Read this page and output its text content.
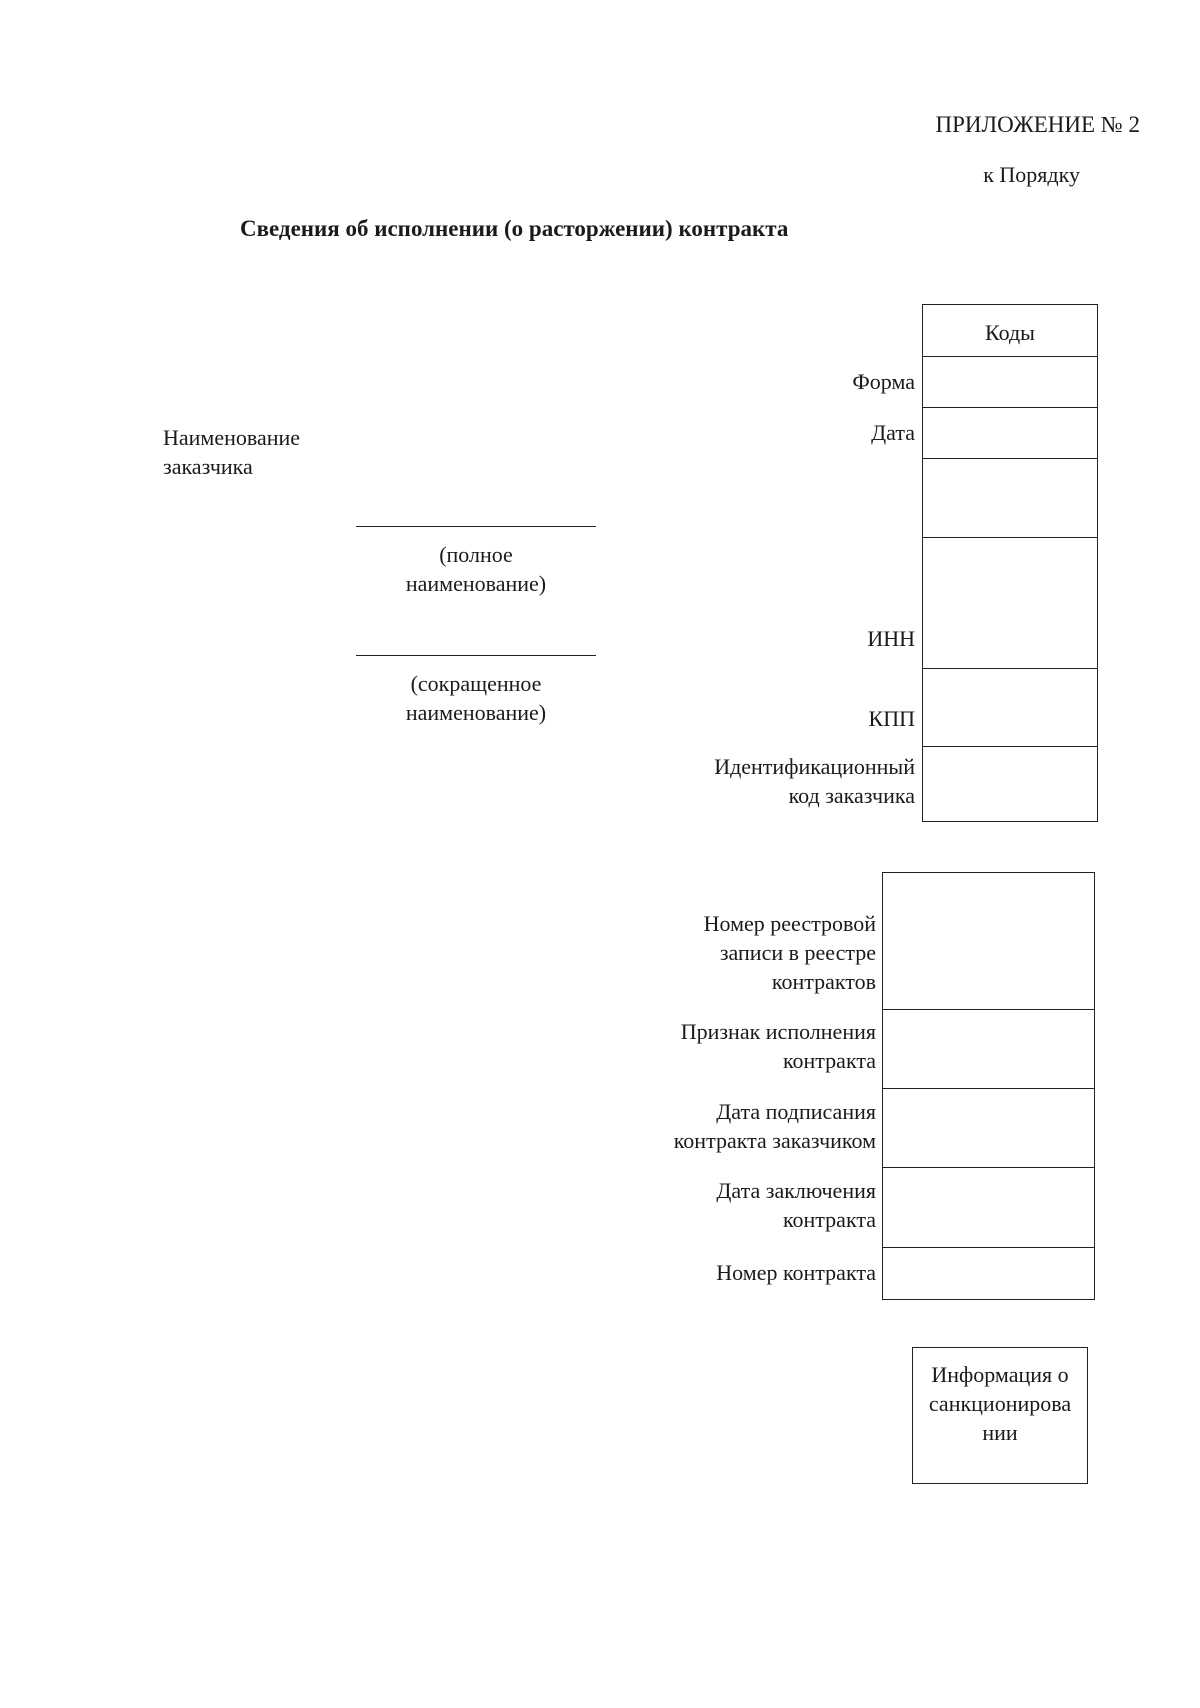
ПРИЛОЖЕНИЕ № 2
к Порядку
Сведения об исполнении (о расторжении) контракта
Наименование
заказчика
(полное
наименование)
(сокращенное
наименование)
Коды
Форма
Дата
ИНН
КПП
Идентификационный
код заказчика
Номер реестровой
записи в реестре
контрактов
Признак исполнения
контракта
Дата подписания
контракта заказчиком
Дата заключения
контракта
Номер контракта
Информация о
санкционирова
нии
